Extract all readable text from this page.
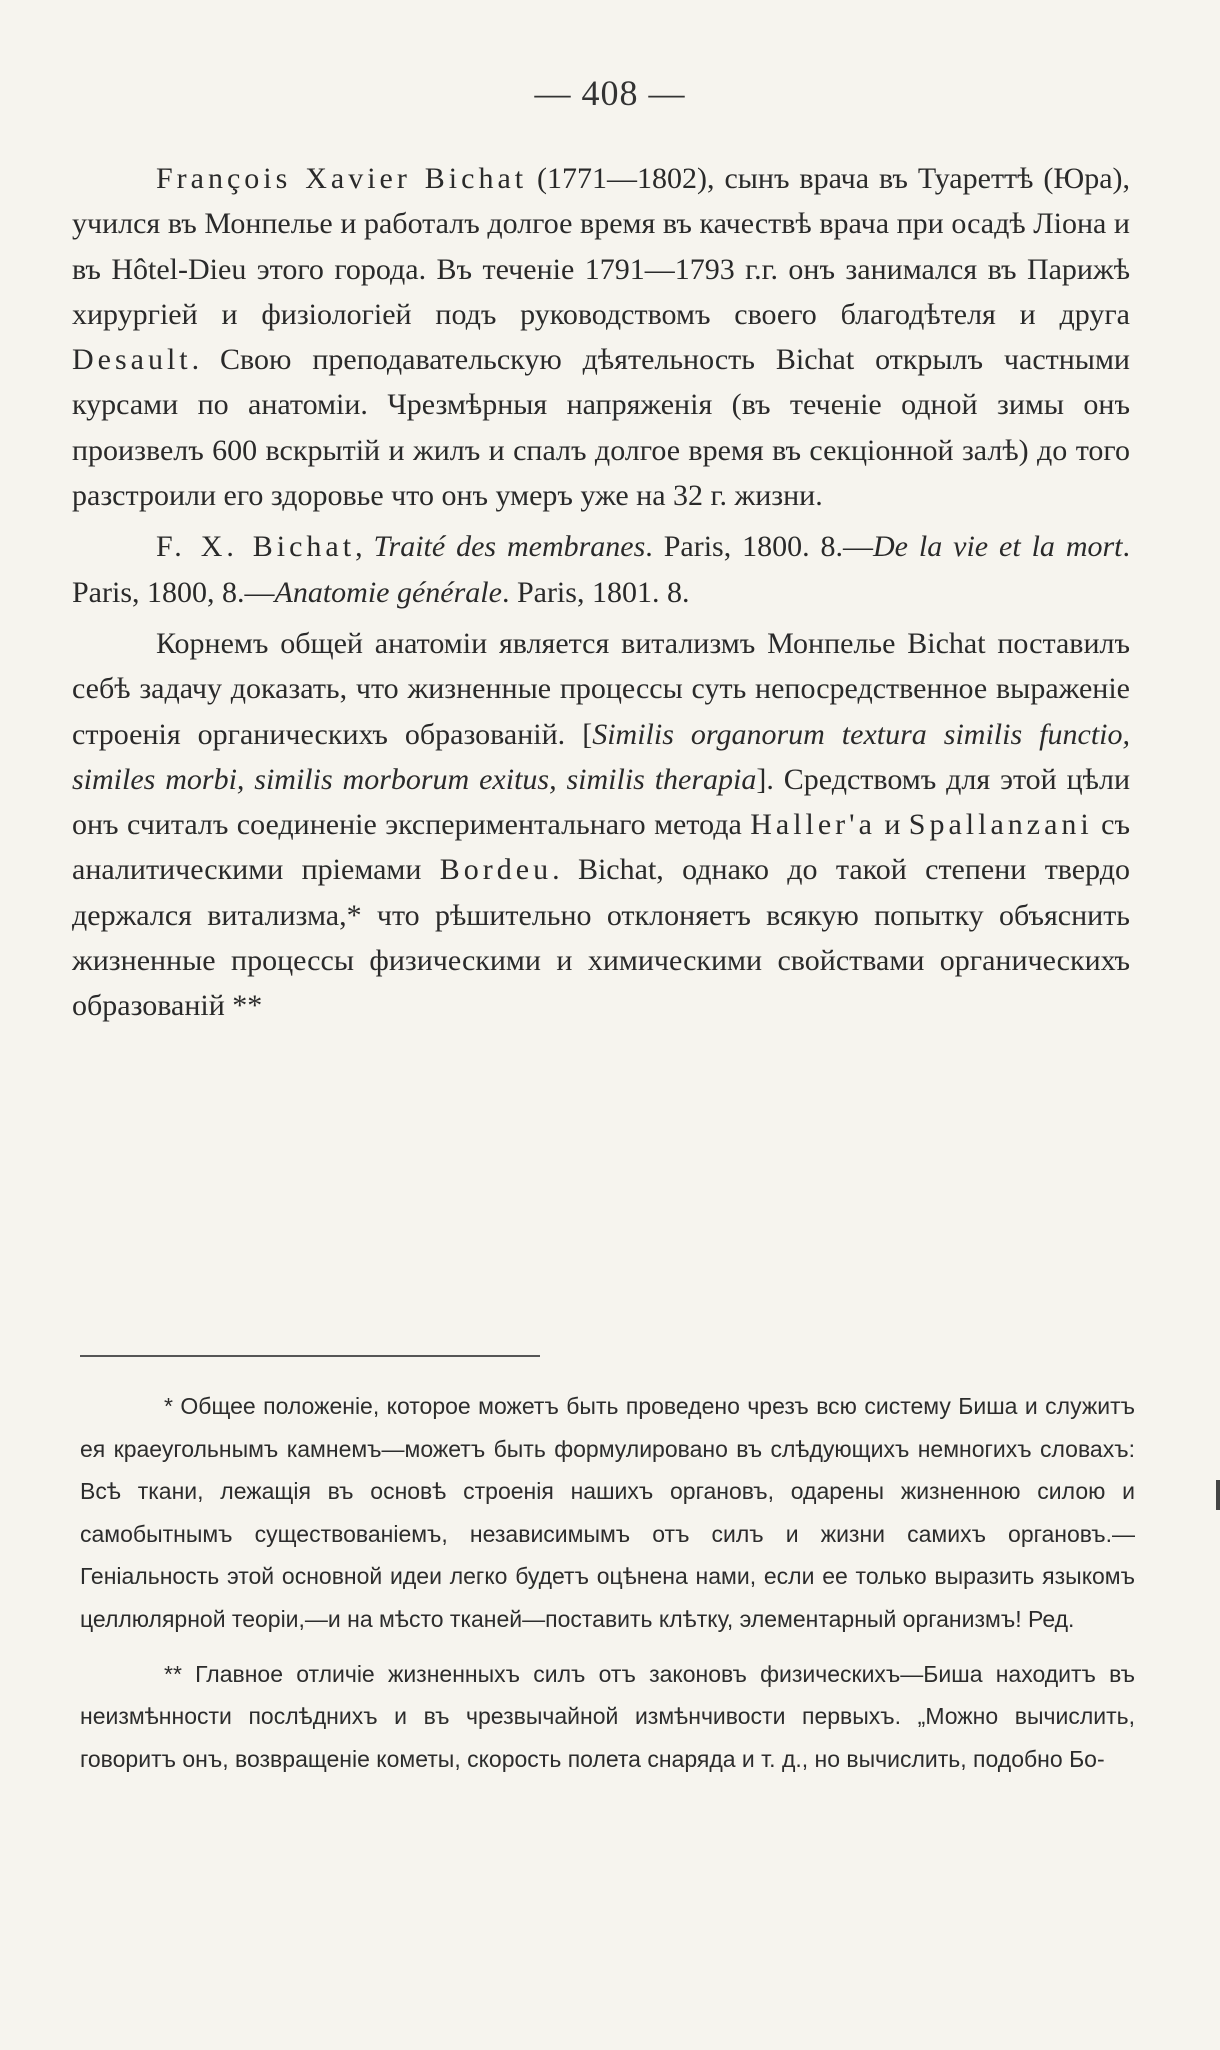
— 408 —

François Xavier Bichat (1771—1802), сынъ врача въ Туареттѣ (Юра), учился въ Монпелье и работалъ долгое время въ качествѣ врача при осадѣ Ліона и въ Hôtel-Dieu этого города. Въ теченіе 1791—1793 г.г. онъ занимался въ Парижѣ хирургіей и физіологіей подъ руководствомъ своего благодѣтеля и друга Desault. Свою преподавательскую дѣятельность Bichat открылъ частными курсами по анатоміи. Чрезмѣрныя напряженія (въ теченіе одной зимы онъ произвелъ 600 вскрытій и жилъ и спалъ долгое время въ секціонной залѣ) до того разстроили его здоровье что онъ умеръ уже на 32 г. жизни.

F. X. Bichat, Traité des membranes. Paris, 1800. 8.—De la vie et la mort. Paris, 1800, 8.—Anatomie générale. Paris, 1801. 8.

Корнемъ общей анатоміи является витализмъ Монпелье Bichat поставилъ себѣ задачу доказать, что жизненные процессы суть непосредственное выраженіе строенія органическихъ образованій. [Similis organorum textura similis functio, similes morbi, similis morborum exitus, similis therapia]. Средствомъ для этой цѣли онъ считалъ соединеніе экспериментальнаго метода Haller'a и Spallanzani съ аналитическими пріемами Bordeu. Bichat, однако до такой степени твердо держался витализма,* что рѣшительно отклоняетъ всякую попытку объяснить жизненные процессы физическими и химическими свойствами органическихъ образованій **

* Общее положеніе, которое можетъ быть проведено чрезъ всю систему Биша и служитъ ея краеугольнымъ камнемъ—можетъ быть формулировано въ слѣдующихъ немногихъ словахъ: Всѣ ткани, лежащія въ основѣ строенія нашихъ органовъ, одарены жизненною силою и самобытнымъ существованіемъ, независимымъ отъ силъ и жизни самихъ органовъ.—Геніальность этой основной идеи легко будетъ оцѣнена нами, если ее только выразить языкомъ целлюлярной теоріи,—и на мѣсто тканей—поставить клѣтку, элементарный организмъ! Ред.

** Главное отличіе жизненныхъ силъ отъ законовъ физическихъ—Биша находитъ въ неизмѣнности послѣднихъ и въ чрезвычайной измѣнчивости первыхъ. „Можно вычислить, говоритъ онъ, возвращеніе кометы, скорость полета снаряда и т. д., но вычислить, подобно Бо-
